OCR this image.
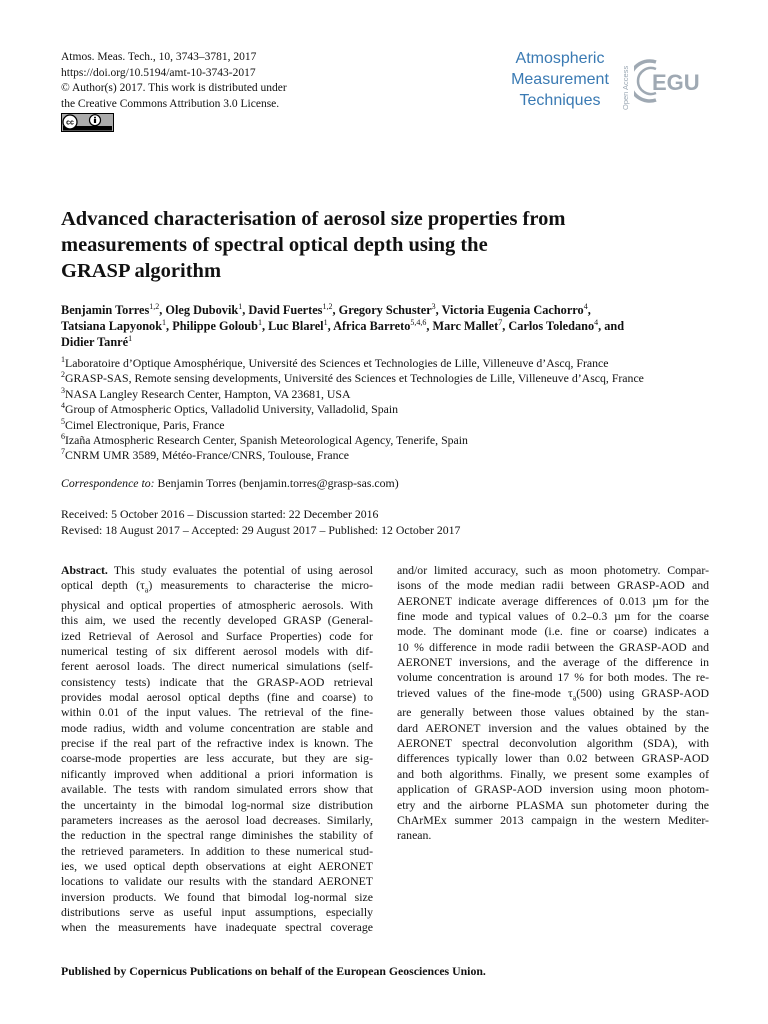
Atmos. Meas. Tech., 10, 3743–3781, 2017
https://doi.org/10.5194/amt-10-3743-2017
© Author(s) 2017. This work is distributed under
the Creative Commons Attribution 3.0 License.
cc
Atmospheric
Measurement
Techniques	Open Access EGU
Advanced characterisation of aerosol size properties from
measurements of spectral optical depth using the
GRASP algorithm
Benjamin Torres$^{1,2}$, Oleg Dubovik$^1$, David Fuertes$^{1,2}$, Gregory Schuster$^3$, Victoria Eugenia Cachorro$^4$,
Tatsiana Lapyonok$^1$, Philippe Goloub$^1$, Luc Blarel$^1$, Africa Barreto$^{5,4,6}$, Marc Mallet$^7$, Carlos Toledano$^4$, and
Didier Tanré$^1$
$^1$Laboratoire d’Optique Amosphérique, Université des Sciences et Technologies de Lille, Villeneuve d’Ascq, France
$^2$GRASP-SAS, Remote sensing developments, Université des Sciences et Technologies de Lille, Villeneuve d’Ascq, France
$^3$NASA Langley Research Center, Hampton, VA 23681, USA
$^4$Group of Atmospheric Optics, Valladolid University, Valladolid, Spain
$^5$Cimel Electronique, Paris, France
$^6$Izaña Atmospheric Research Center, Spanish Meteorological Agency, Tenerife, Spain
$^7$CNRM UMR 3589, Météo-France/CNRS, Toulouse, France
Correspondence to: Benjamin Torres (benjamin.torres@grasp-sas.com)
Received: 5 October 2016 – Discussion started: 22 December 2016
Revised: 18 August 2017 – Accepted: 29 August 2017 – Published: 12 October 2017
Abstract. This study evaluates the potential of using aerosol
optical depth $(\tau_a)$ measurements to characterise the micro-
physical and optical properties of atmospheric aerosols. With
this aim, we used the recently developed GRASP (General-
ized Retrieval of Aerosol and Surface Properties) code for
numerical testing of six different aerosol models with dif-
ferent aerosol loads. The direct numerical simulations (self-
consistency tests) indicate that the GRASP-AOD retrieval
provides modal aerosol optical depths (fine and coarse) to
within 0.01 of the input values. The retrieval of the fine-
mode radius, width and volume concentration are stable and
precise if the real part of the refractive index is known. The
coarse-mode properties are less accurate, but they are sig-
nificantly improved when additional a priori information is
available. The tests with random simulated errors show that
the uncertainty in the bimodal log-normal size distribution
parameters increases as the aerosol load decreases. Similarly,
the reduction in the spectral range diminishes the stability of
the retrieved parameters. In addition to these numerical stud-
ies, we used optical depth observations at eight AERONET
locations to validate our results with the standard AERONET
inversion products. We found that bimodal log-normal size
distributions serve as useful input assumptions, especially
when the measurements have inadequate spectral coverage
and/or limited accuracy, such as moon photometry. Compar-
isons of the mode median radii between GRASP-AOD and
AERONET indicate average differences of 0.013 µm for the
fine mode and typical values of 0.2–0.3 µm for the coarse
mode. The dominant mode (i.e. fine or coarse) indicates a
10 % difference in mode radii between the GRASP-AOD and
AERONET inversions, and the average of the difference in
volume concentration is around 17 % for both modes. The re-
trieved values of the fine-mode $\tau_a(500)$ using GRASP-AOD
are generally between those values obtained by the stan-
dard AERONET inversion and the values obtained by the
AERONET spectral deconvolution algorithm (SDA), with
differences typically lower than 0.02 between GRASP-AOD
and both algorithms. Finally, we present some examples of
application of GRASP-AOD inversion using moon photom-
etry and the airborne PLASMA sun photometer during the
ChArMEx summer 2013 campaign in the western Mediter-
ranean.
Published by Copernicus Publications on behalf of the European Geosciences Union.
